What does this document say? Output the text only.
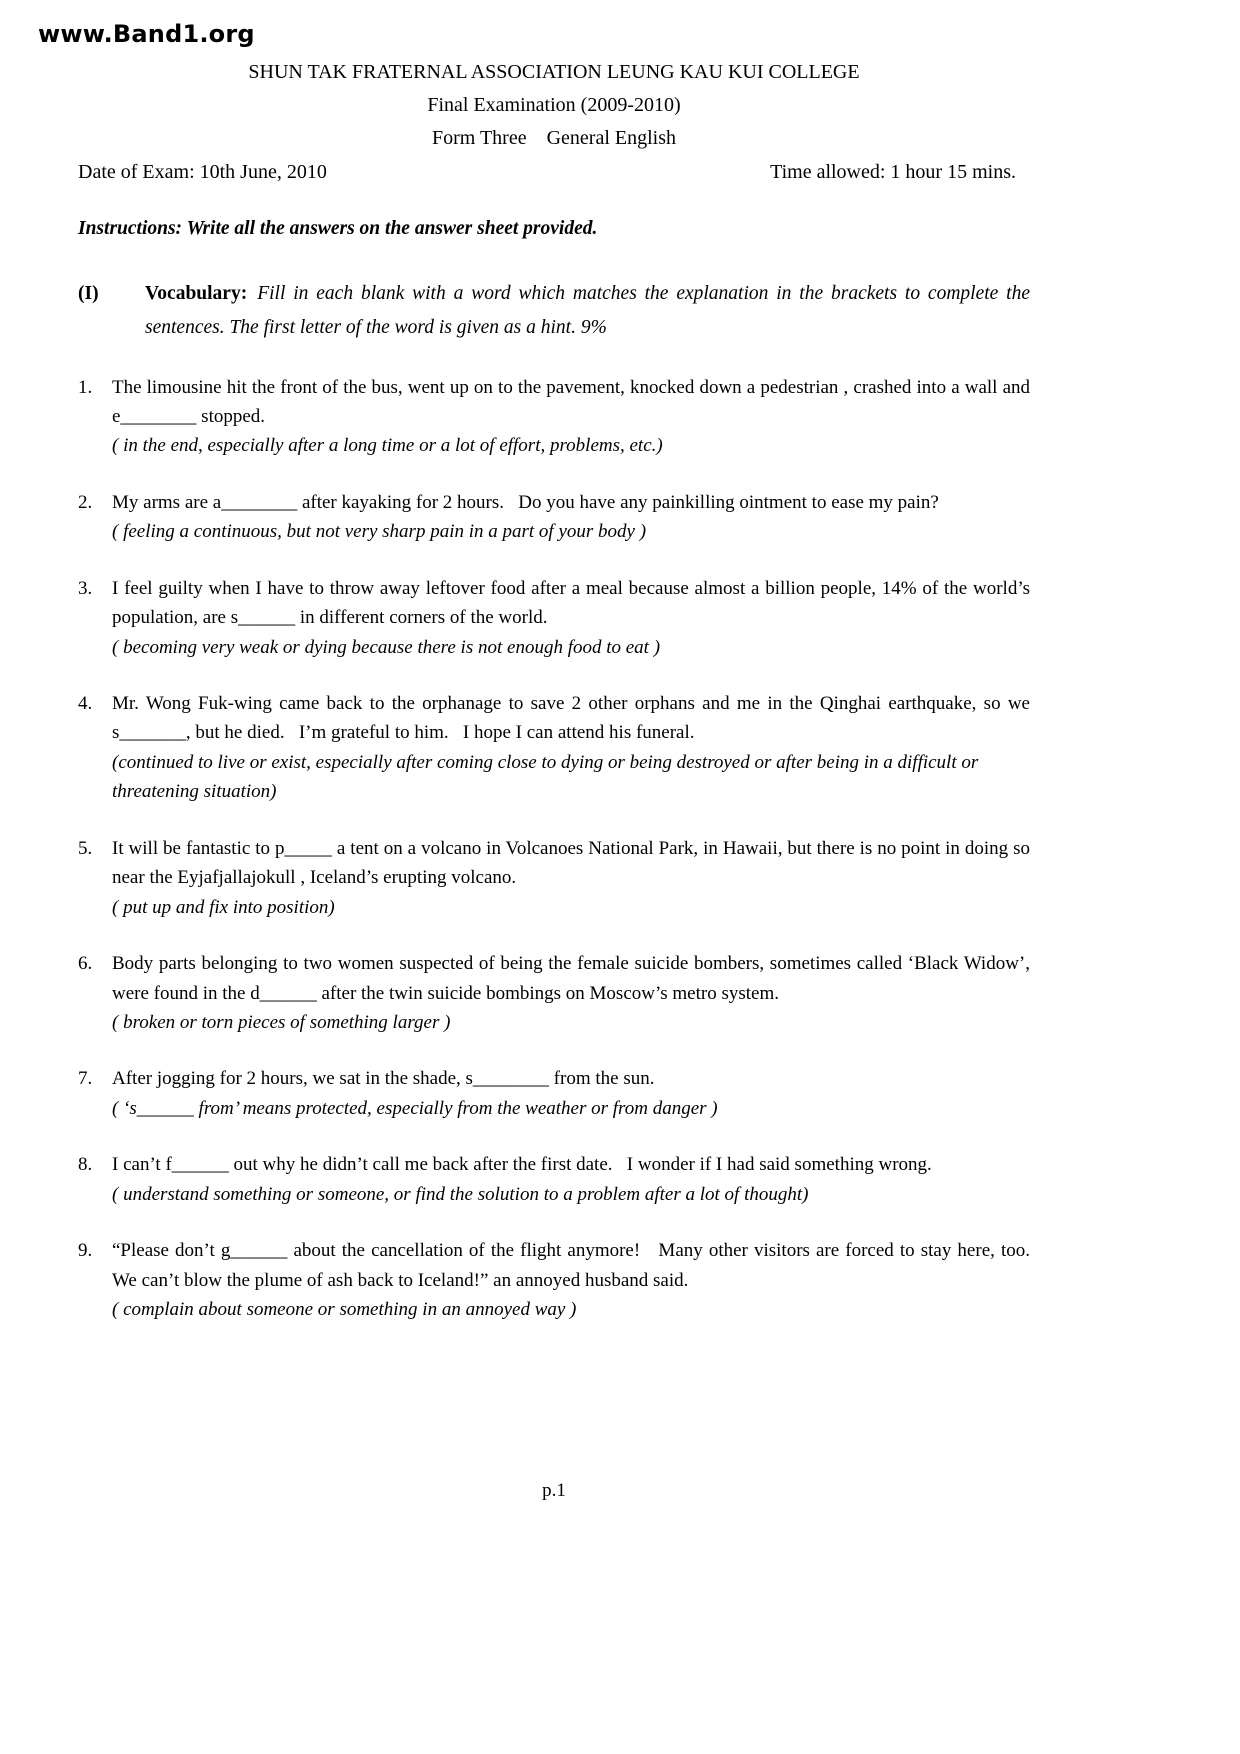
www.Band1.org
SHUN TAK FRATERNAL ASSOCIATION LEUNG KAU KUI COLLEGE
Final Examination (2009-2010)
Form Three    General English
Date of Exam: 10th June, 2010	Time allowed: 1 hour 15 mins.
Instructions: Write all the answers on the answer sheet provided.
(I)	Vocabulary: Fill in each blank with a word which matches the explanation in the brackets to complete the sentences. The first letter of the word is given as a hint. 9%
1.	The limousine hit the front of the bus, went up on to the pavement, knocked down a pedestrian , crashed into a wall and e________ stopped.
( in the end, especially after a long time or a lot of effort, problems, etc.)
2.	My arms are a________ after kayaking for 2 hours.   Do you have any painkilling ointment to ease my pain?
( feeling a continuous, but not very sharp pain in a part of your body )
3.	I feel guilty when I have to throw away leftover food after a meal because almost a billion people, 14% of the world’s population, are s______ in different corners of the world.
( becoming very weak or dying because there is not enough food to eat )
4.	Mr. Wong Fuk-wing came back to the orphanage to save 2 other orphans and me in the Qinghai earthquake, so we s_______, but he died.   I’m grateful to him.   I hope I can attend his funeral.
(continued to live or exist, especially after coming close to dying or being destroyed or after being in a difficult or threatening situation)
5.	It will be fantastic to p_____ a tent on a volcano in Volcanoes National Park, in Hawaii, but there is no point in doing so near the Eyjafjallajokull , Iceland’s erupting volcano.
( put up and fix into position)
6.	Body parts belonging to two women suspected of being the female suicide bombers, sometimes called ‘Black Widow’, were found in the d______ after the twin suicide bombings on Moscow’s metro system.
( broken or torn pieces of something larger )
7.	After jogging for 2 hours, we sat in the shade, s________ from the sun.
( ‘s______ from’ means protected, especially from the weather or from danger )
8.	I can’t f______ out why he didn’t call me back after the first date.   I wonder if I had said something wrong.
( understand something or someone, or find the solution to a problem after a lot of thought)
9.	“Please don’t g______ about the cancellation of the flight anymore!   Many other visitors are forced to stay here, too.   We can’t blow the plume of ash back to Iceland!” an annoyed husband said.
( complain about someone or something in an annoyed way )
p.1
